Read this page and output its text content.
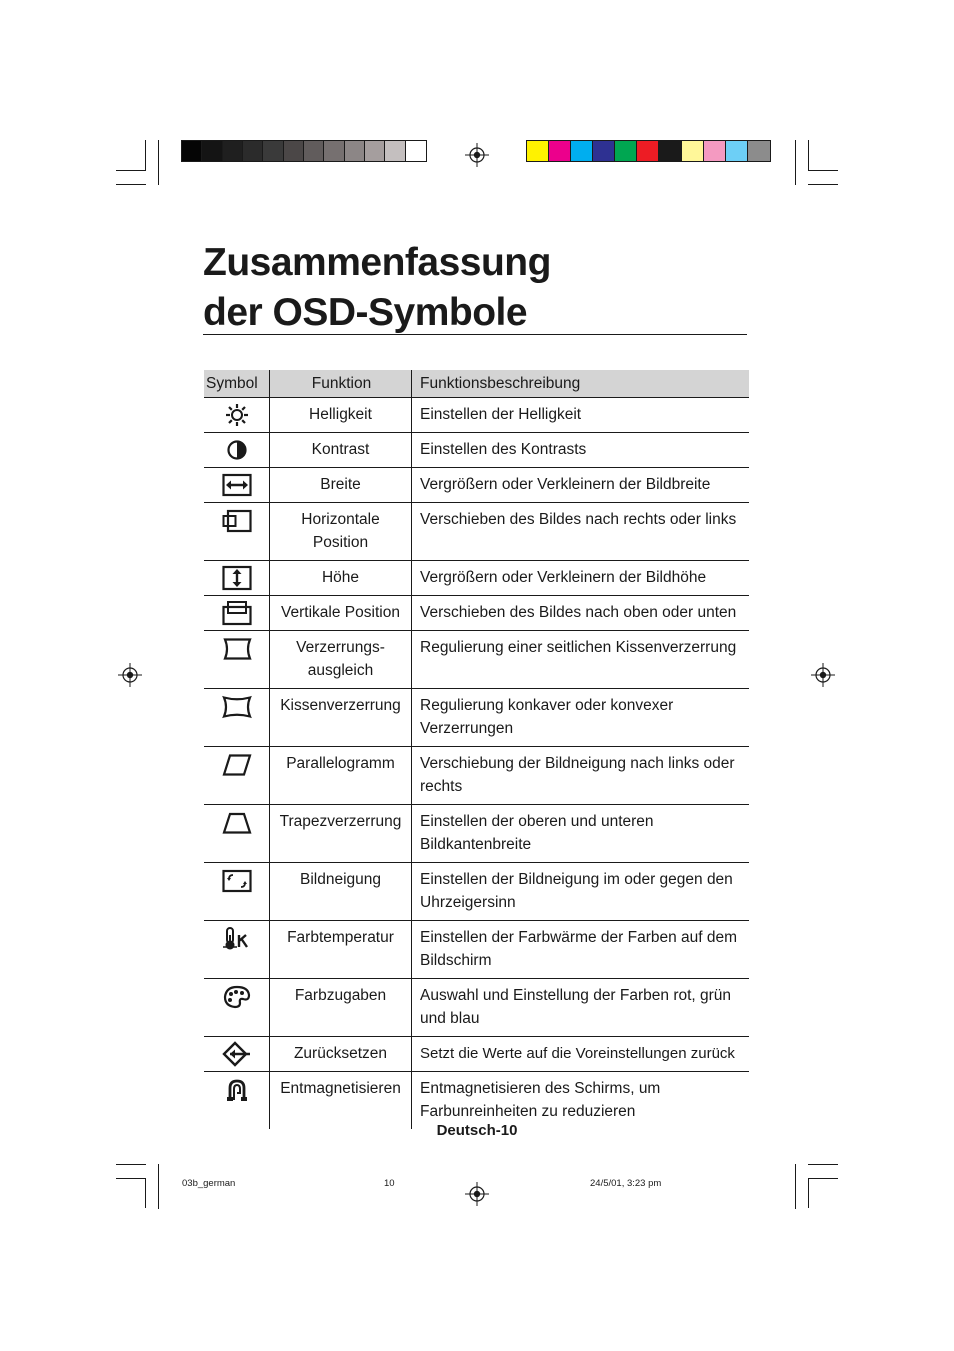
Zusammenfassung
der OSD-Symbole
Symbol	Funktion	Funktionsbeschreibung

	Helligkeit	Einstellen der Helligkeit

	Kontrast	Einstellen des Kontrasts

	Breite	Vergrößern oder Verkleinern der Bildbreite

	Horizontale Position	Verschieben des Bildes nach rechts oder links

	Höhe	Vergrößern oder Verkleinern der Bildhöhe

	Vertikale Position	Verschieben des Bildes nach oben oder unten

	Verzerrungs-ausgleich	Regulierung einer seitlichen Kissenverzerrung

	Kissenverzerrung	Regulierung konkaver oder konvexer Verzerrungen

	Parallelogramm	Verschiebung der Bildneigung nach links oder rechts

	Trapezverzerrung	Einstellen der oberen und unteren Bildkantenbreite

	Bildneigung	Einstellen der Bildneigung im oder gegen den Uhrzeigersinn

	Farbtemperatur	Einstellen der Farbwärme der Farben auf dem Bildschirm

	Farbzugaben	Auswahl und Einstellung der Farben rot, grün und blau

	Zurücksetzen	Setzt die Werte auf die Voreinstellungen zurück

	Entmagnetisieren	Entmagnetisieren des Schirms, um Farbunreinheiten zu reduzieren
Deutsch-10
03b_german	10	24/5/01, 3:23 pm
